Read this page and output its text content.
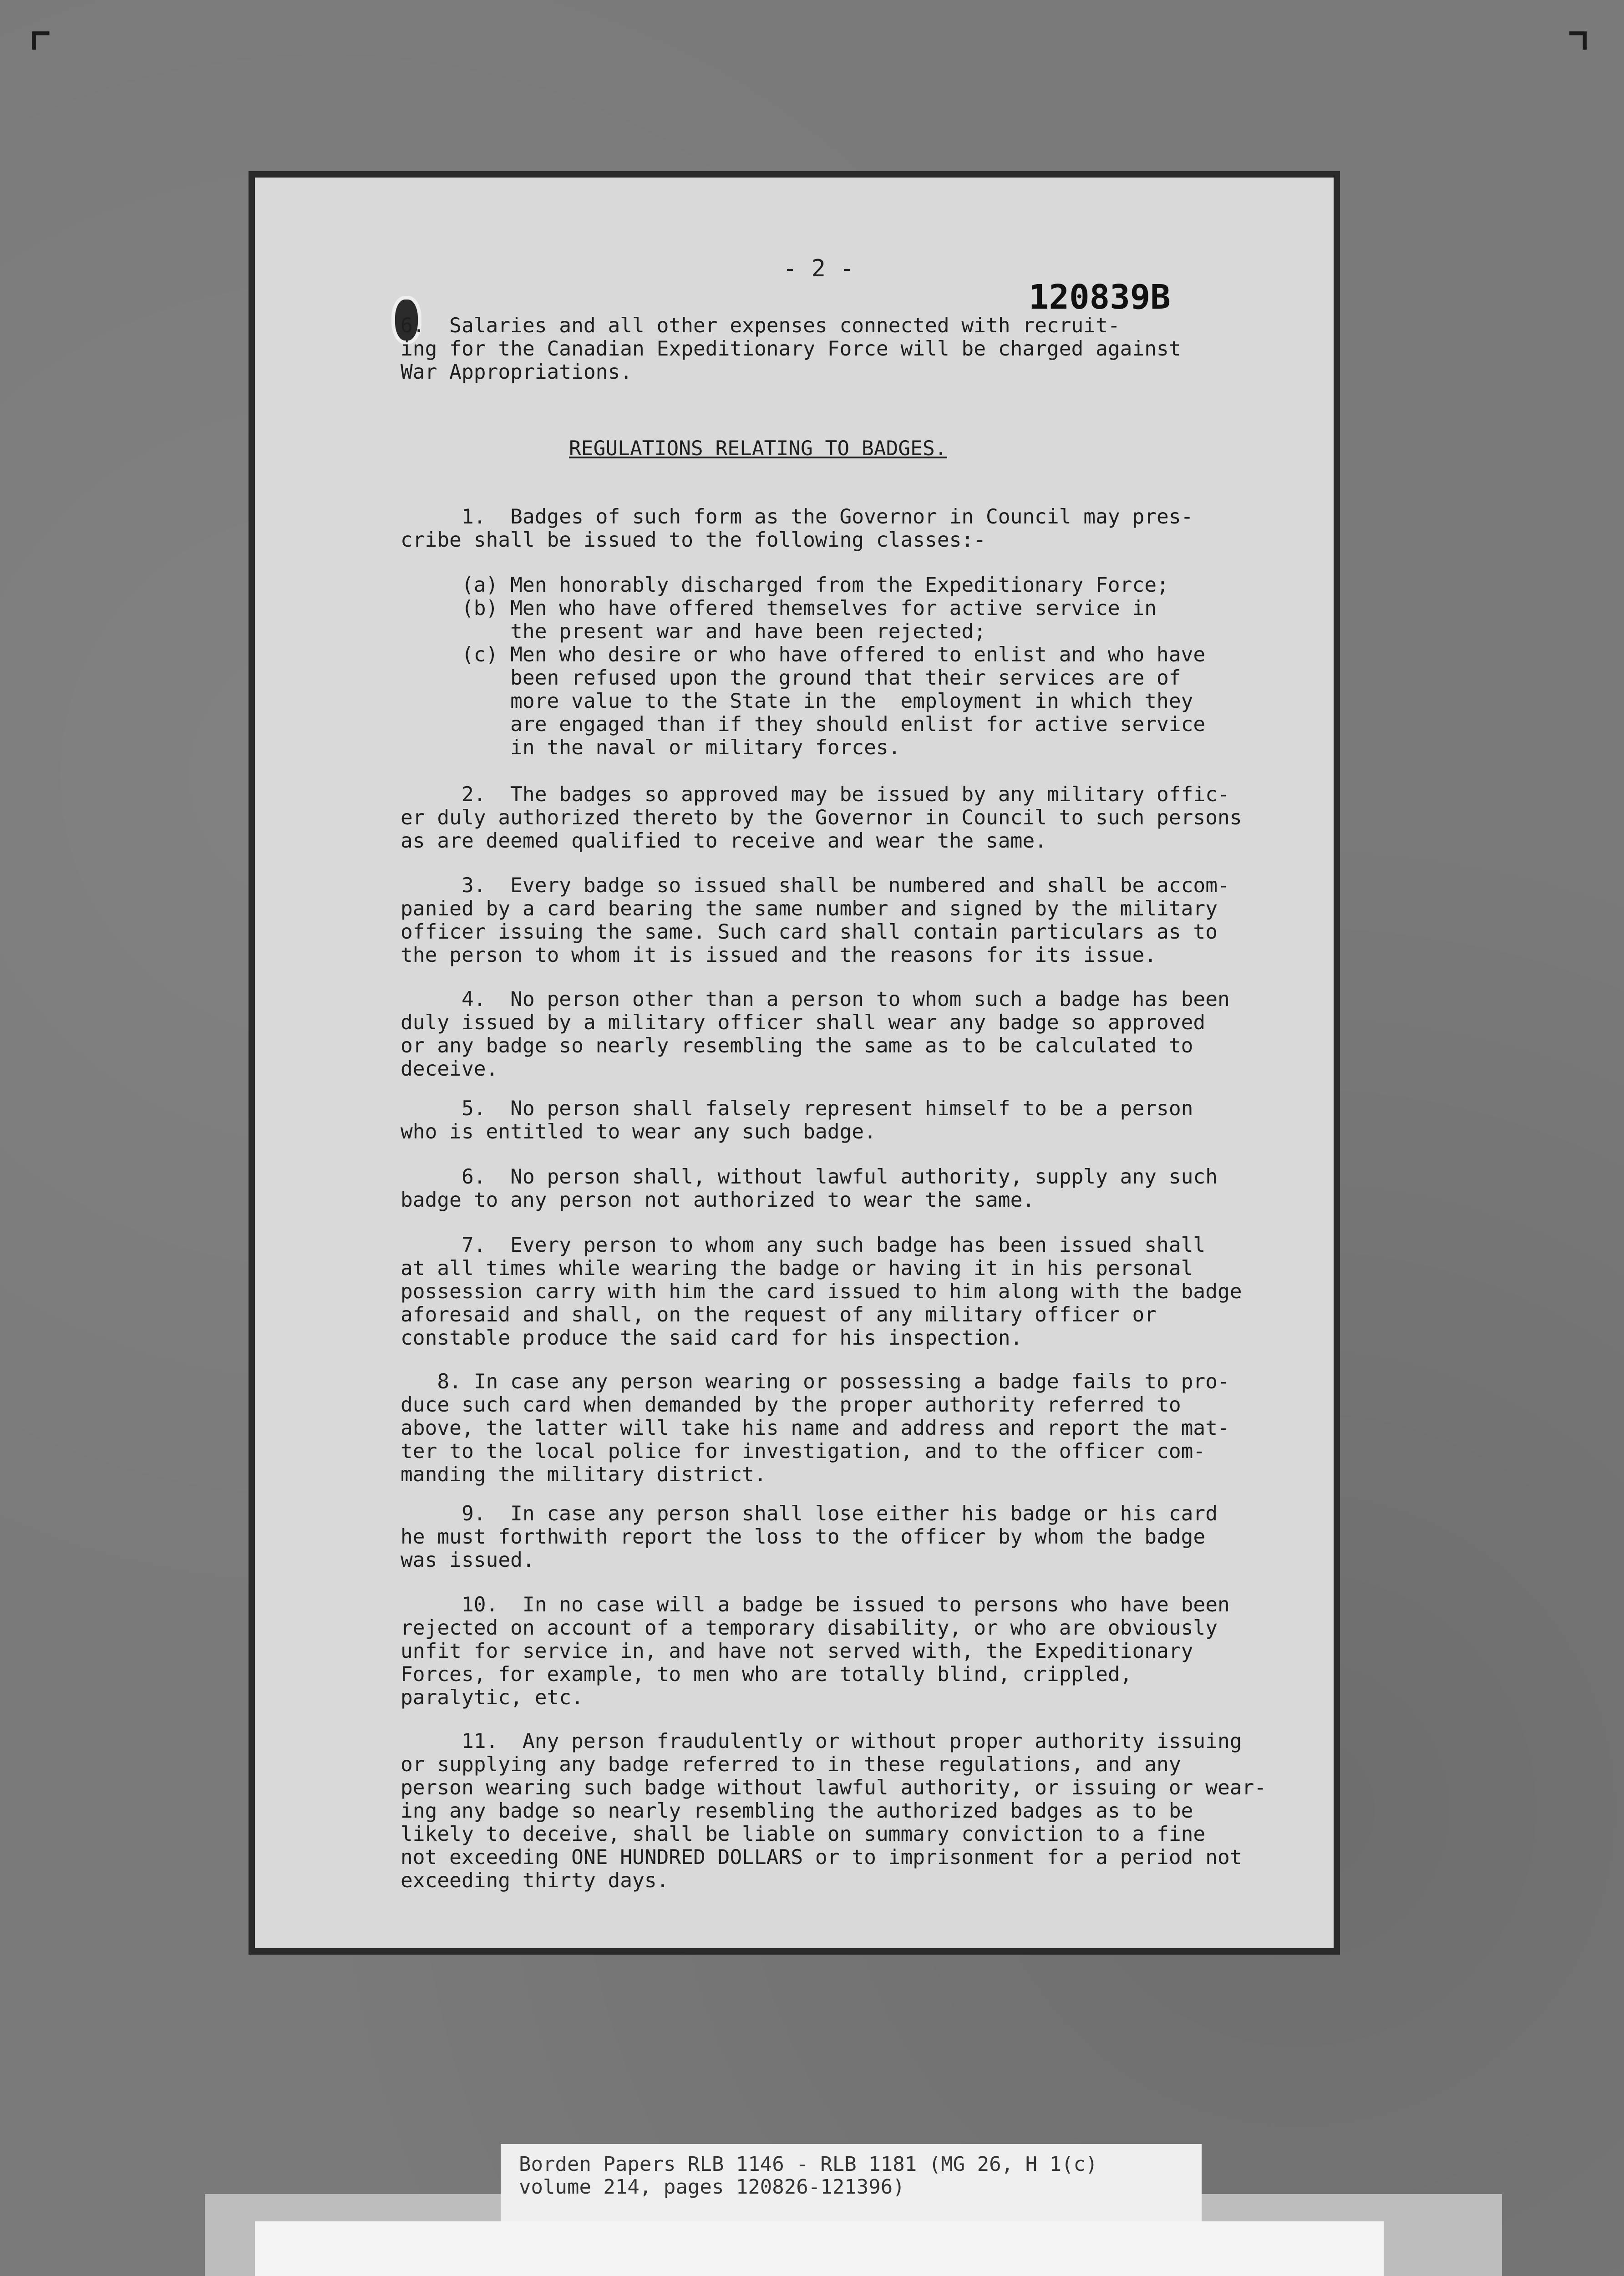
⌜	⌝
- 2 -
120839B
6.  Salaries and all other expenses connected with recruit-
ing for the Canadian Expeditionary Force will be charged against
War Appropriations.
REGULATIONS RELATING TO BADGES.
1.  Badges of such form as the Governor in Council may pres-
cribe shall be issued to the following classes:-
(a) Men honorably discharged from the Expeditionary Force;
(b) Men who have offered themselves for active service in
the present war and have been rejected;
(c) Men who desire or who have offered to enlist and who have
been refused upon the ground that their services are of
more value to the State in the  employment in which they
are engaged than if they should enlist for active service
in the naval or military forces.
2.  The badges so approved may be issued by any military offic-
er duly authorized thereto by the Governor in Council to such persons
as are deemed qualified to receive and wear the same.
3.  Every badge so issued shall be numbered and shall be accom-
panied by a card bearing the same number and signed by the military
officer issuing the same. Such card shall contain particulars as to
the person to whom it is issued and the reasons for its issue.
4.  No person other than a person to whom such a badge has been
duly issued by a military officer shall wear any badge so approved
or any badge so nearly resembling the same as to be calculated to
deceive.
5.  No person shall falsely represent himself to be a person
who is entitled to wear any such badge.
6.  No person shall, without lawful authority, supply any such
badge to any person not authorized to wear the same.
7.  Every person to whom any such badge has been issued shall
at all times while wearing the badge or having it in his personal
possession carry with him the card issued to him along with the badge
aforesaid and shall, on the request of any military officer or
constable produce the said card for his inspection.
8. In case any person wearing or possessing a badge fails to pro-
duce such card when demanded by the proper authority referred to
above, the latter will take his name and address and report the mat-
ter to the local police for investigation, and to the officer com-
manding the military district.
9.  In case any person shall lose either his badge or his card
he must forthwith report the loss to the officer by whom the badge
was issued.
10.  In no case will a badge be issued to persons who have been
rejected on account of a temporary disability, or who are obviously
unfit for service in, and have not served with, the Expeditionary
Forces, for example, to men who are totally blind, crippled,
paralytic, etc.
11.  Any person fraudulently or without proper authority issuing
or supplying any badge referred to in these regulations, and any
person wearing such badge without lawful authority, or issuing or wear-
ing any badge so nearly resembling the authorized badges as to be
likely to deceive, shall be liable on summary conviction to a fine
not exceeding ONE HUNDRED DOLLARS or to imprisonment for a period not
exceeding thirty days.
Borden Papers RLB 1146 - RLB 1181 (MG 26, H 1(c)
volume 214, pages 120826-121396)
